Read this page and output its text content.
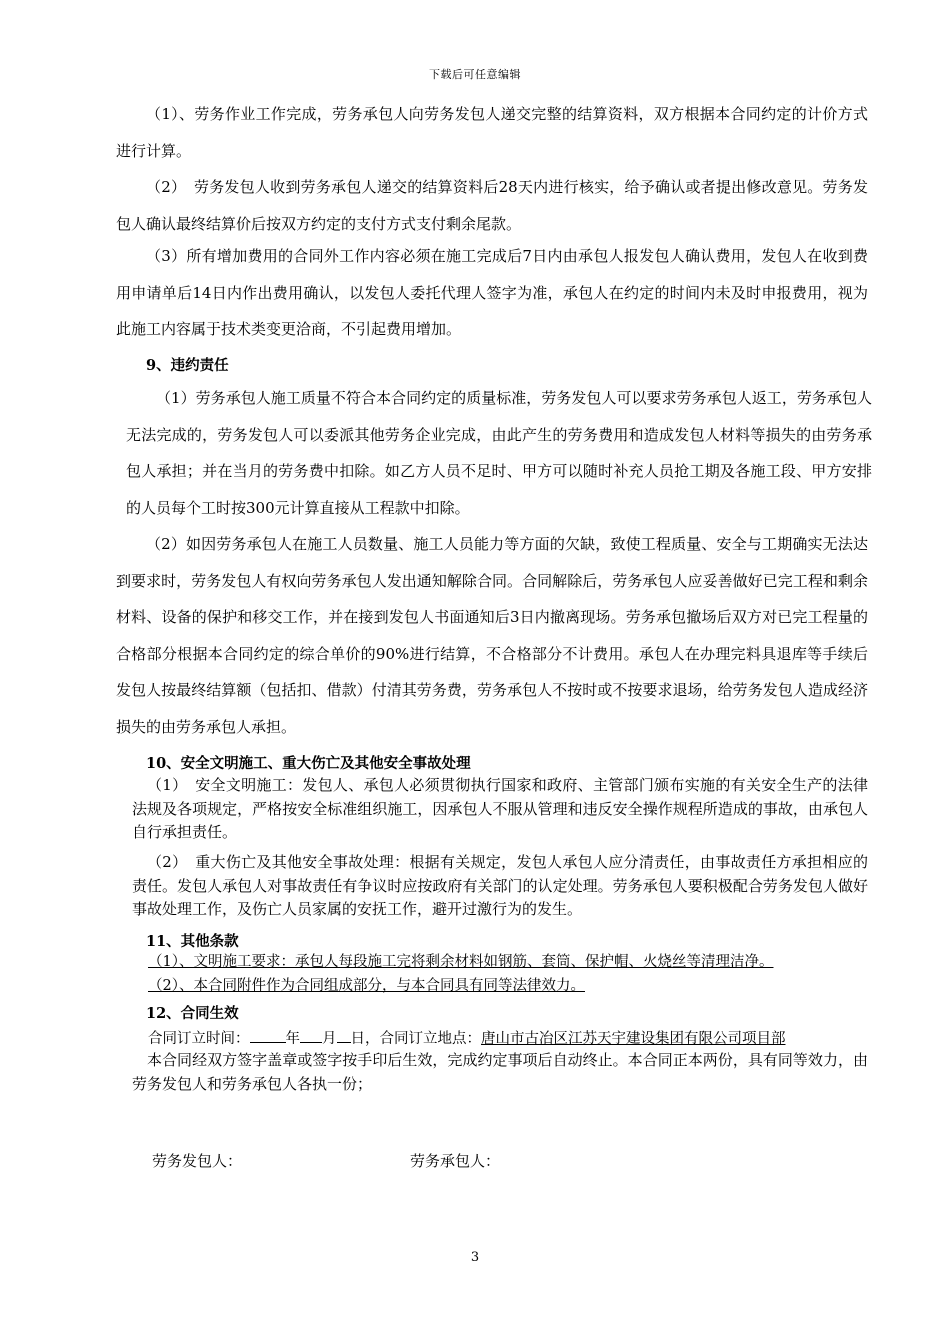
下载后可任意编辑

（1）、劳务作业工作完成，劳务承包人向劳务发包人递交完整的结算资料，双方根据本合同约定的计价方式进行计算。

（2）　劳务发包人收到劳务承包人递交的结算资料后28天内进行核实，给予确认或者提出修改意见。劳务发包人确认最终结算价后按双方约定的支付方式支付剩余尾款。

（3）所有增加费用的合同外工作内容必须在施工完成后7日内由承包人报发包人确认费用，发包人在收到费用申请单后14日内作出费用确认，以发包人委托代理人签字为准，承包人在约定的时间内未及时申报费用，视为此施工内容属于技术类变更洽商，不引起费用增加。

9、违约责任

（1）劳务承包人施工质量不符合本合同约定的质量标准，劳务发包人可以要求劳务承包人返工，劳务承包人无法完成的，劳务发包人可以委派其他劳务企业完成，由此产生的劳务费用和造成发包人材料等损失的由劳务承包人承担；并在当月的劳务费中扣除。如乙方人员不足时、甲方可以随时补充人员抢工期及各施工段、甲方安排的人员每个工时按300元计算直接从工程款中扣除。

（2）如因劳务承包人在施工人员数量、施工人员能力等方面的欠缺，致使工程质量、安全与工期确实无法达到要求时，劳务发包人有权向劳务承包人发出通知解除合同。合同解除后，劳务承包人应妥善做好已完工程和剩余材料、设备的保护和移交工作，并在接到发包人书面通知后3日内撤离现场。劳务承包撤场后双方对已完工程量的合格部分根据本合同约定的综合单价的90%进行结算，不合格部分不计费用。承包人在办理完料具退库等手续后发包人按最终结算额（包括扣、借款）付清其劳务费，劳务承包人不按时或不按要求退场，给劳务发包人造成经济损失的由劳务承包人承担。

10、安全文明施工、重大伤亡及其他安全事故处理

（1）　安全文明施工：发包人、承包人必须贯彻执行国家和政府、主管部门颁布实施的有关安全生产的法律法规及各项规定，严格按安全标准组织施工，因承包人不服从管理和违反安全操作规程所造成的事故，由承包人自行承担责任。

（2）　重大伤亡及其他安全事故处理：根据有关规定，发包人承包人应分清责任，由事故责任方承担相应的责任。发包人承包人对事故责任有争议时应按政府有关部门的认定处理。劳务承包人要积极配合劳务发包人做好事故处理工作，及伤亡人员家属的安抚工作，避开过激行为的发生。

11、其他条款

（1）、文明施工要求：承包人每段施工完将剩余材料如钢筋、套筒、保护帽、火烧丝等清理洁净。

（2）、本合同附件作为合同组成部分，与本合同具有同等法律效力。

12、合同生效

合同订立时间： 年 月 日，合同订立地点：唐山市古冶区江苏天宇建设集团有限公司项目部

本合同经双方签字盖章或签字按手印后生效，完成约定事项后自动终止。本合同正本两份，具有同等效力，由劳务发包人和劳务承包人各执一份；

劳务发包人：	劳务承包人：
3
